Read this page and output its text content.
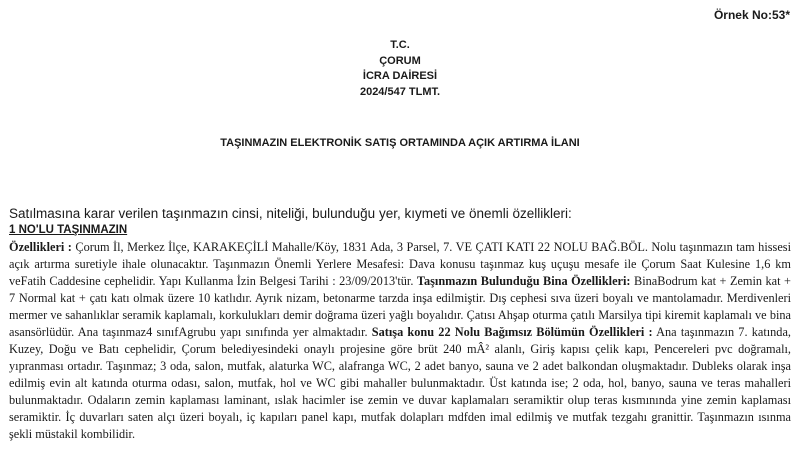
Örnek No:53*
T.C.
ÇORUM
İCRA DAİRESİ
2024/547 TLMT.
TAŞINMAZIN ELEKTRONİK SATIŞ ORTAMINDA AÇIK ARTIRMA İLANI
Satılmasına karar verilen taşınmazın cinsi, niteliği, bulunduğu yer, kıymeti ve önemli özellikleri:
1 NO'LU TAŞINMAZIN

Özellikleri : Çorum İl, Merkez İlçe, KARAKEÇİLİ Mahalle/Köy, 1831 Ada, 3 Parsel, 7. VE ÇATI KATI 22 NOLU BAĞ.BÖL. Nolu taşınmazın tam hissesi açık artırma suretiyle ihale olunacaktır. Taşınmazın Önemli Yerlere Mesafesi: Dava konusu taşınmaz kuş uçuşu mesafe ile Çorum Saat Kulesine 1,6 km veFatih Caddesine cephelidir. Yapı Kullanma İzin Belgesi Tarihi : 23/09/2013'tür. Taşınmazın Bulunduğu Bina Özellikleri: BinaBodrum kat + Zemin kat + 7 Normal kat + çatı katı olmak üzere 10 katlıdır. Ayrık nizam, betonarme tarzda inşa edilmiştir. Dış cephesi sıva üzeri boyalı ve mantolamadır. Merdivenleri mermer ve sahanlıklar seramik kaplamalı, korkulukları demir doğrama üzeri yağlı boyalıdır. Çatısı Ahşap oturma çatılı Marsilya tipi kiremit kaplamalı ve bina asansörlüdür. Ana taşınmaz4 sınıfAgrubu yapı sınıfında yer almaktadır. Satışa konu 22 Nolu Bağımsız Bölümün Özellikleri : Ana taşınmazın 7. katında, Kuzey, Doğu ve Batı cephelidir, Çorum belediyesindeki onaylı projesine göre brüt 240 mÂ² alanlı, Giriş kapısı çelik kapı, Pencereleri pvc doğramalı, yıpranması ortadır. Taşınmaz; 3 oda, salon, mutfak, alaturka WC, alafranga WC, 2 adet banyo, sauna ve 2 adet balkondan oluşmaktadır. Dubleks olarak inşa edilmiş evin alt katında oturma odası, salon, mutfak, hol ve WC gibi mahaller bulunmaktadır. Üst katında ise; 2 oda, hol, banyo, sauna ve teras mahalleri bulunmaktadır. Odaların zemin kaplaması laminant, ıslak hacimler ise zemin ve duvar kaplamaları seramiktir olup teras kısmınında yine zemin kaplaması seramiktir. İç duvarları saten alçı üzeri boyalı, iç kapıları panel kapı, mutfak dolapları mdfden imal edilmiş ve mutfak tezgahı granittir. Taşınmazın ısınma şekli müstakil kombilidir.
